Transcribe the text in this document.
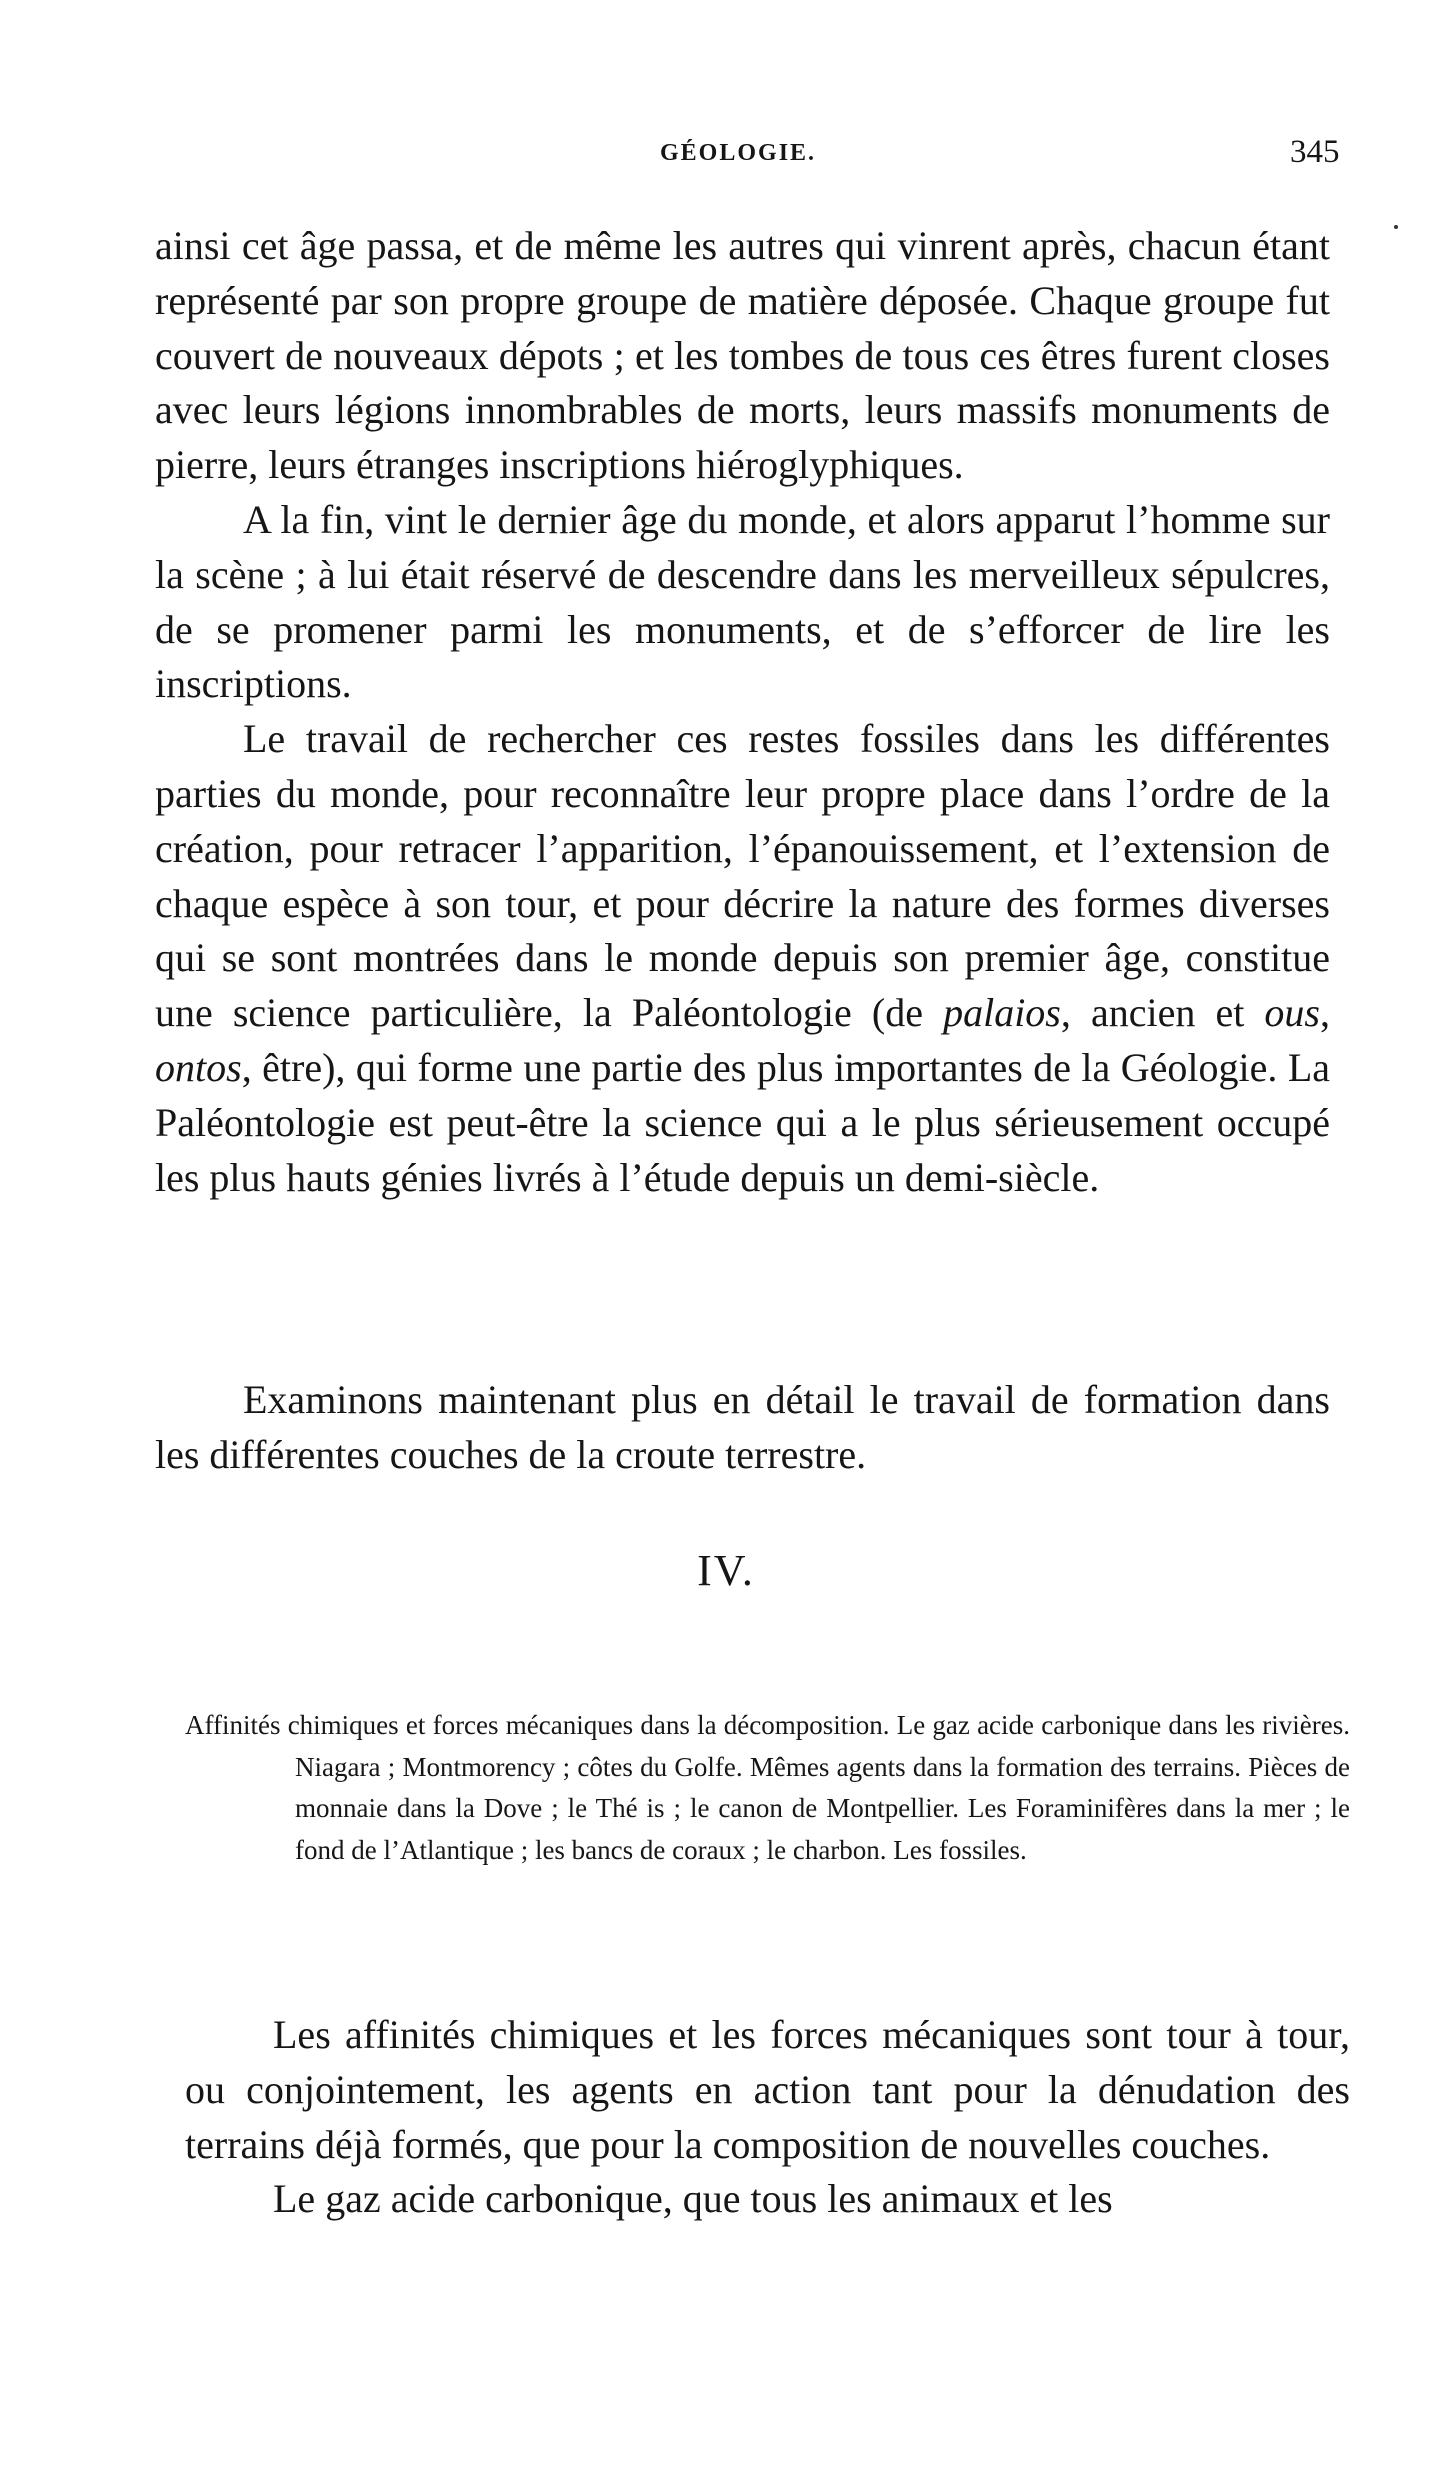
GÉOLOGIE.	345

ainsi cet âge passa, et de même les autres qui vinrent après, chacun étant représenté par son propre groupe de matière déposée. Chaque groupe fut couvert de nouveaux dépots ; et les tombes de tous ces êtres furent closes avec leurs légions innombrables de morts, leurs massifs monuments de pierre, leurs étranges inscriptions hiéroglyphiques.

A la fin, vint le dernier âge du monde, et alors apparut l’homme sur la scène ; à lui était réservé de descendre dans les merveilleux sépulcres, de se promener parmi les monuments, et de s’efforcer de lire les inscriptions.

Le travail de rechercher ces restes fossiles dans les différentes parties du monde, pour reconnaître leur propre place dans l’ordre de la création, pour retracer l’apparition, l’épanouissement, et l’extension de chaque espèce à son tour, et pour décrire la nature des formes diverses qui se sont montrées dans le monde depuis son premier âge, constitue une science particulière, la Paléontologie (de palaios, ancien et ous, ontos, être), qui forme une partie des plus importantes de la Géologie. La Paléontologie est peut-être la science qui a le plus sérieusement occupé les plus hauts génies livrés à l’étude depuis un demi-siècle.

Examinons maintenant plus en détail le travail de formation dans les différentes couches de la croute terrestre.

IV.
Affinités chimiques et forces mécaniques dans la décomposition. Le gaz acide carbonique dans les rivières. Niagara ; Montmorency ; côtes du Golfe. Mêmes agents dans la formation des terrains. Pièces de monnaie dans la Dove ; le Thé is ; le canon de Montpellier. Les Foraminifères dans la mer ; le fond de l’Atlantique ; les bancs de coraux ; le charbon. Les fossiles.

Les affinités chimiques et les forces mécaniques sont tour à tour, ou conjointement, les agents en action tant pour la dénudation des terrains déjà formés, que pour la composition de nouvelles couches.

Le gaz acide carbonique, que tous les animaux et les
